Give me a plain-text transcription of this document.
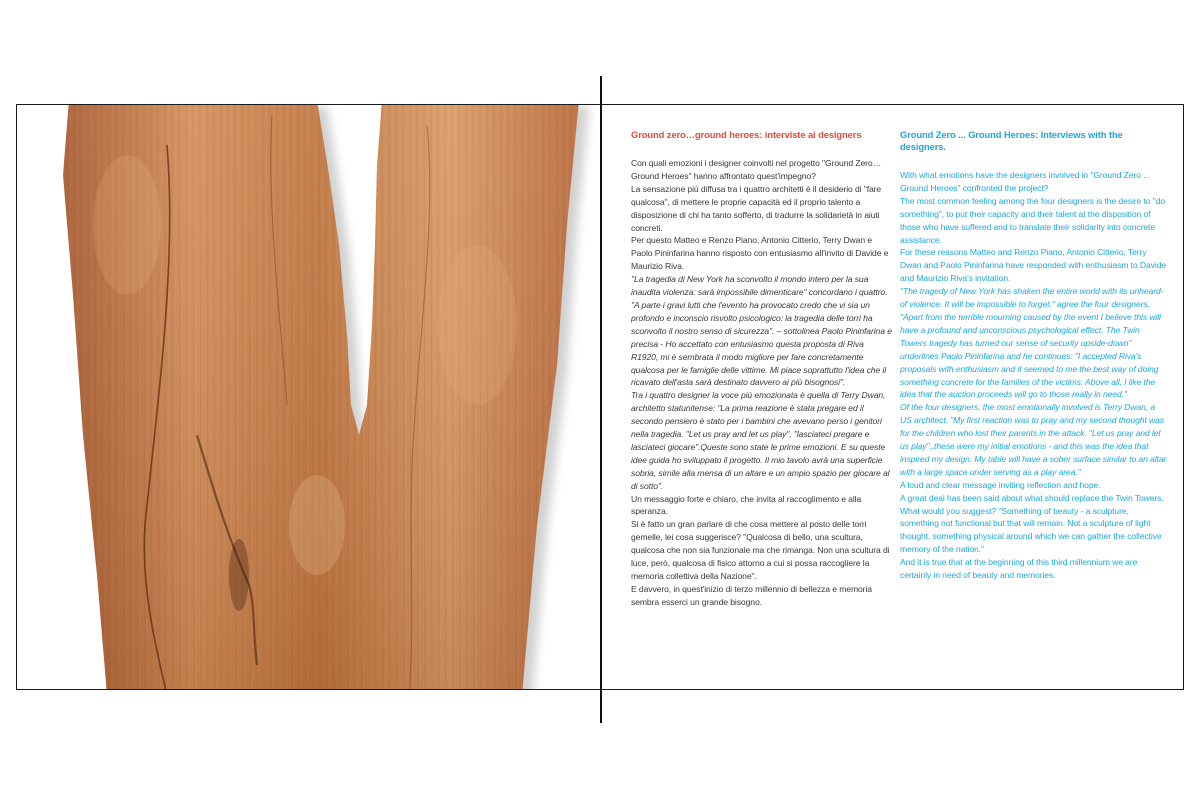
Ground zero…ground heroes: interviste ai designers

Con quali emozioni i designer coinvolti nel progetto "Ground Zero…Ground Heroes" hanno affrontato quest'impegno?

La sensazione più diffusa tra i quattro architetti è il desiderio di "fare qualcosa", di mettere le proprie capacità ed il proprio talento a disposizione di chi ha tanto sofferto, di tradurre la solidarietà in aiuti concreti.

Per questo Matteo e Renzo Piano, Antonio Citterio, Terry Dwan e Paolo Pininfarina hanno risposto con entusiasmo all'invito di Davide e Maurizio Riva.

"La tragedia di New York ha sconvolto il mondo intero per la sua inaudita violenza: sarà impossibile dimenticare" concordano i quattro. "A parte i gravi lutti che l'evento ha provocato credo che vi sia un profondo e inconscio risvolto psicologico: la tragedia delle torri ha sconvolto il nostro senso di sicurezza". – sottolinea Paolo Pininfarina e precisa - Ho accettato con entusiasmo questa proposta di Riva R1920, mi è sembrata il modo migliore per fare concretamente qualcosa per le famiglie delle vittime. Mi piace soprattutto l'idea che il ricavato dell'asta sarà destinato davvero ai più bisognosi".

Tra i quattro designer la voce più emozionata è quella di Terry Dwan, architetto statunitense: "La prima reazione è stata pregare ed il secondo pensiero è stato per i bambini che avevano perso i genitori nella tragedia. "Let us pray and let us play", "lasciateci pregare e lasciateci giocare".Queste sono state le prime emozioni. E su queste idee guida ho sviluppato il progetto. Il mio tavolo avrà una superficie sobria, simile alla mensa di un altare e un ampio spazio per giocare al di sotto".

Un messaggio forte e chiaro, che invita al raccoglimento e alla speranza.

Si è fatto un gran parlare di che cosa mettere al posto delle torri gemelle, lei cosa suggerisce? "Qualcosa di bello, una scultura, qualcosa che non sia funzionale ma che rimanga. Non una scultura di luce, però, qualcosa di fisico attorno a cui si possa raccogliere la memoria collettiva della Nazione".

E davvero, in quest'inizio di terzo millennio di bellezza e memoria sembra esserci un grande bisogno.

Ground Zero ... Ground Heroes: Interviews with the designers.

With what emotions have the designers involved in "Ground Zero ... Ground Heroes" confronted the project?

The most common feeling among the four designers is the desire to "do something", to put their capacity and their talent at the disposition of those who have suffered and to translate their solidarity into concrete assistance.

For these reasons Matteo and Renzo Piano, Antonio Citterio, Terry Dwan and Paolo Pininfarina have responded with enthusiasm to Davide and Maurizio Riva's invitation.

"The tragedy of New York has shaken the entire world with its unheard-of violence. It will be impossible to forget." agree the four designers. "Apart from the terrible mourning caused by the event I believe this will have a profound and unconscious psychological effect. The Twin Towers tragedy has turned our sense of security upside-down" underlines Paolo Pininfarina and he continues: "I accepted Riva's proposals with enthusiasm and it seemed to me the best way of doing something concrete for the families of the victims. Above all, I like the idea that the auction proceeds will go to those really in need."

Of the four designers, the most emotionally involved is Terry Dwan, a US architect. "My first reaction was to pray and my second thought was for the children who lost their parents in the attack. "Let us pray and let us play"..these were my initial emotions - and this was the idea that inspired my design. My table will have a sober surface similar to an altar with a large space under serving as a play area."

A loud and clear message inviting reflection and hope.

A great deal has been said about what should replace the Twin Towers. What would you suggest? "Something of beauty - a sculpture, something not functional but that will remain. Not a sculpture of light thought, something physical around which we can gather the collective memory of the nation."

And it is true that at the beginning of this third millennium we are certainly in need of beauty and memories.
